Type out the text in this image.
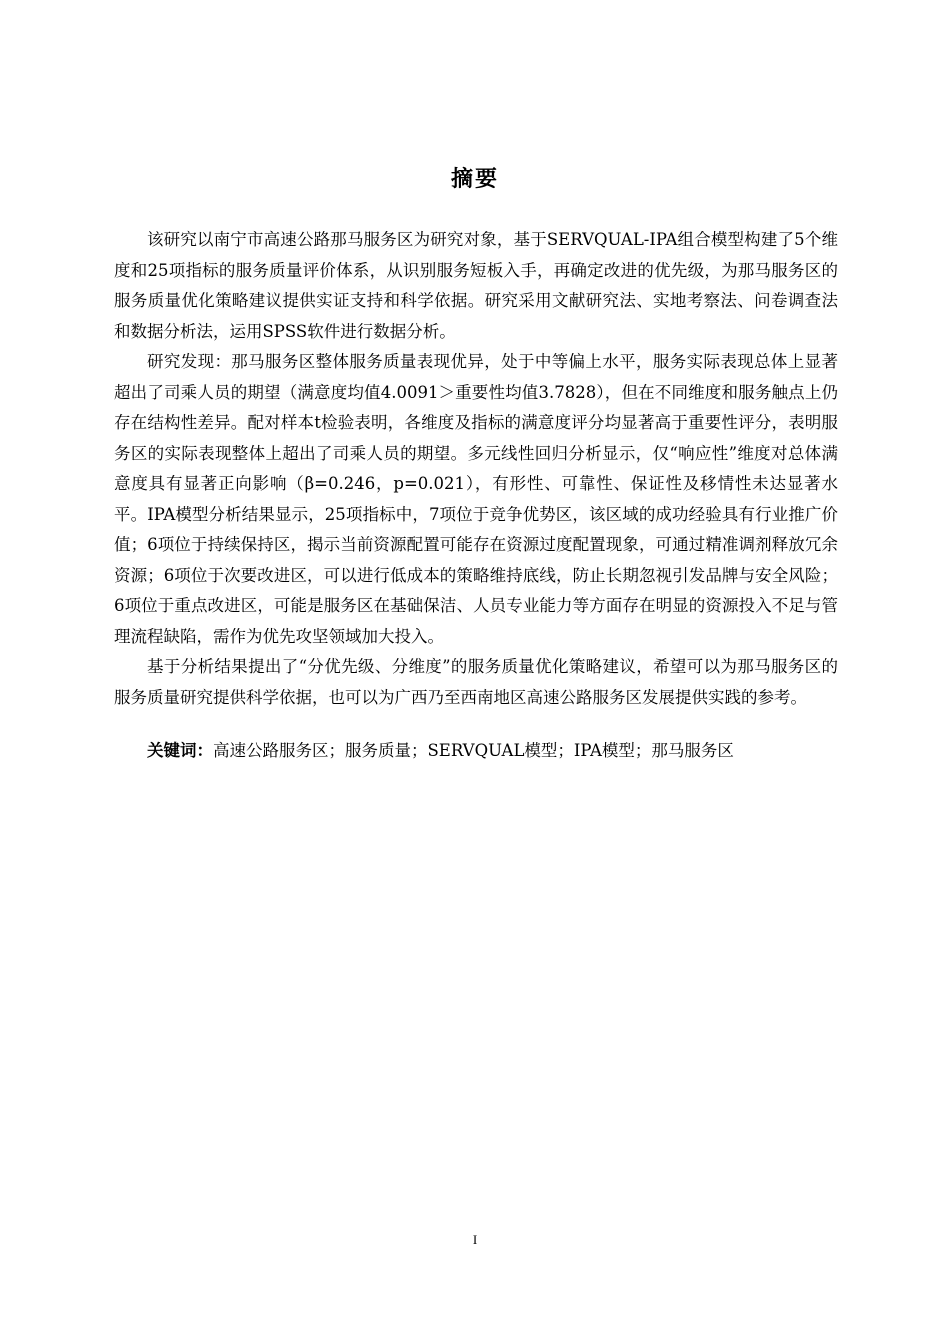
摘要

该研究以南宁市高速公路那马服务区为研究对象，基于SERVQUAL-IPA组合模型构建了5个维度和25项指标的服务质量评价体系，从识别服务短板入手，再确定改进的优先级，为那马服务区的服务质量优化策略建议提供实证支持和科学依据。研究采用文献研究法、实地考察法、问卷调查法和数据分析法，运用SPSS软件进行数据分析。

研究发现：那马服务区整体服务质量表现优异，处于中等偏上水平，服务实际表现总体上显著超出了司乘人员的期望（满意度均值4.0091＞重要性均值3.7828），但在不同维度和服务触点上仍存在结构性差异。配对样本t检验表明，各维度及指标的满意度评分均显著高于重要性评分，表明服务区的实际表现整体上超出了司乘人员的期望。多元线性回归分析显示，仅“响应性”维度对总体满意度具有显著正向影响（β=0.246，p=0.021），有形性、可靠性、保证性及移情性未达显著水平。IPA模型分析结果显示，25项指标中，7项位于竞争优势区，该区域的成功经验具有行业推广价值；6项位于持续保持区，揭示当前资源配置可能存在资源过度配置现象，可通过精准调剂释放冗余资源；6项位于次要改进区，可以进行低成本的策略维持底线，防止长期忽视引发品牌与安全风险；6项位于重点改进区，可能是服务区在基础保洁、人员专业能力等方面存在明显的资源投入不足与管理流程缺陷，需作为优先攻坚领域加大投入。

基于分析结果提出了“分优先级、分维度”的服务质量优化策略建议，希望可以为那马服务区的服务质量研究提供科学依据，也可以为广西乃至西南地区高速公路服务区发展提供实践的参考。

关键词：高速公路服务区；服务质量；SERVQUAL模型；IPA模型；那马服务区

I
